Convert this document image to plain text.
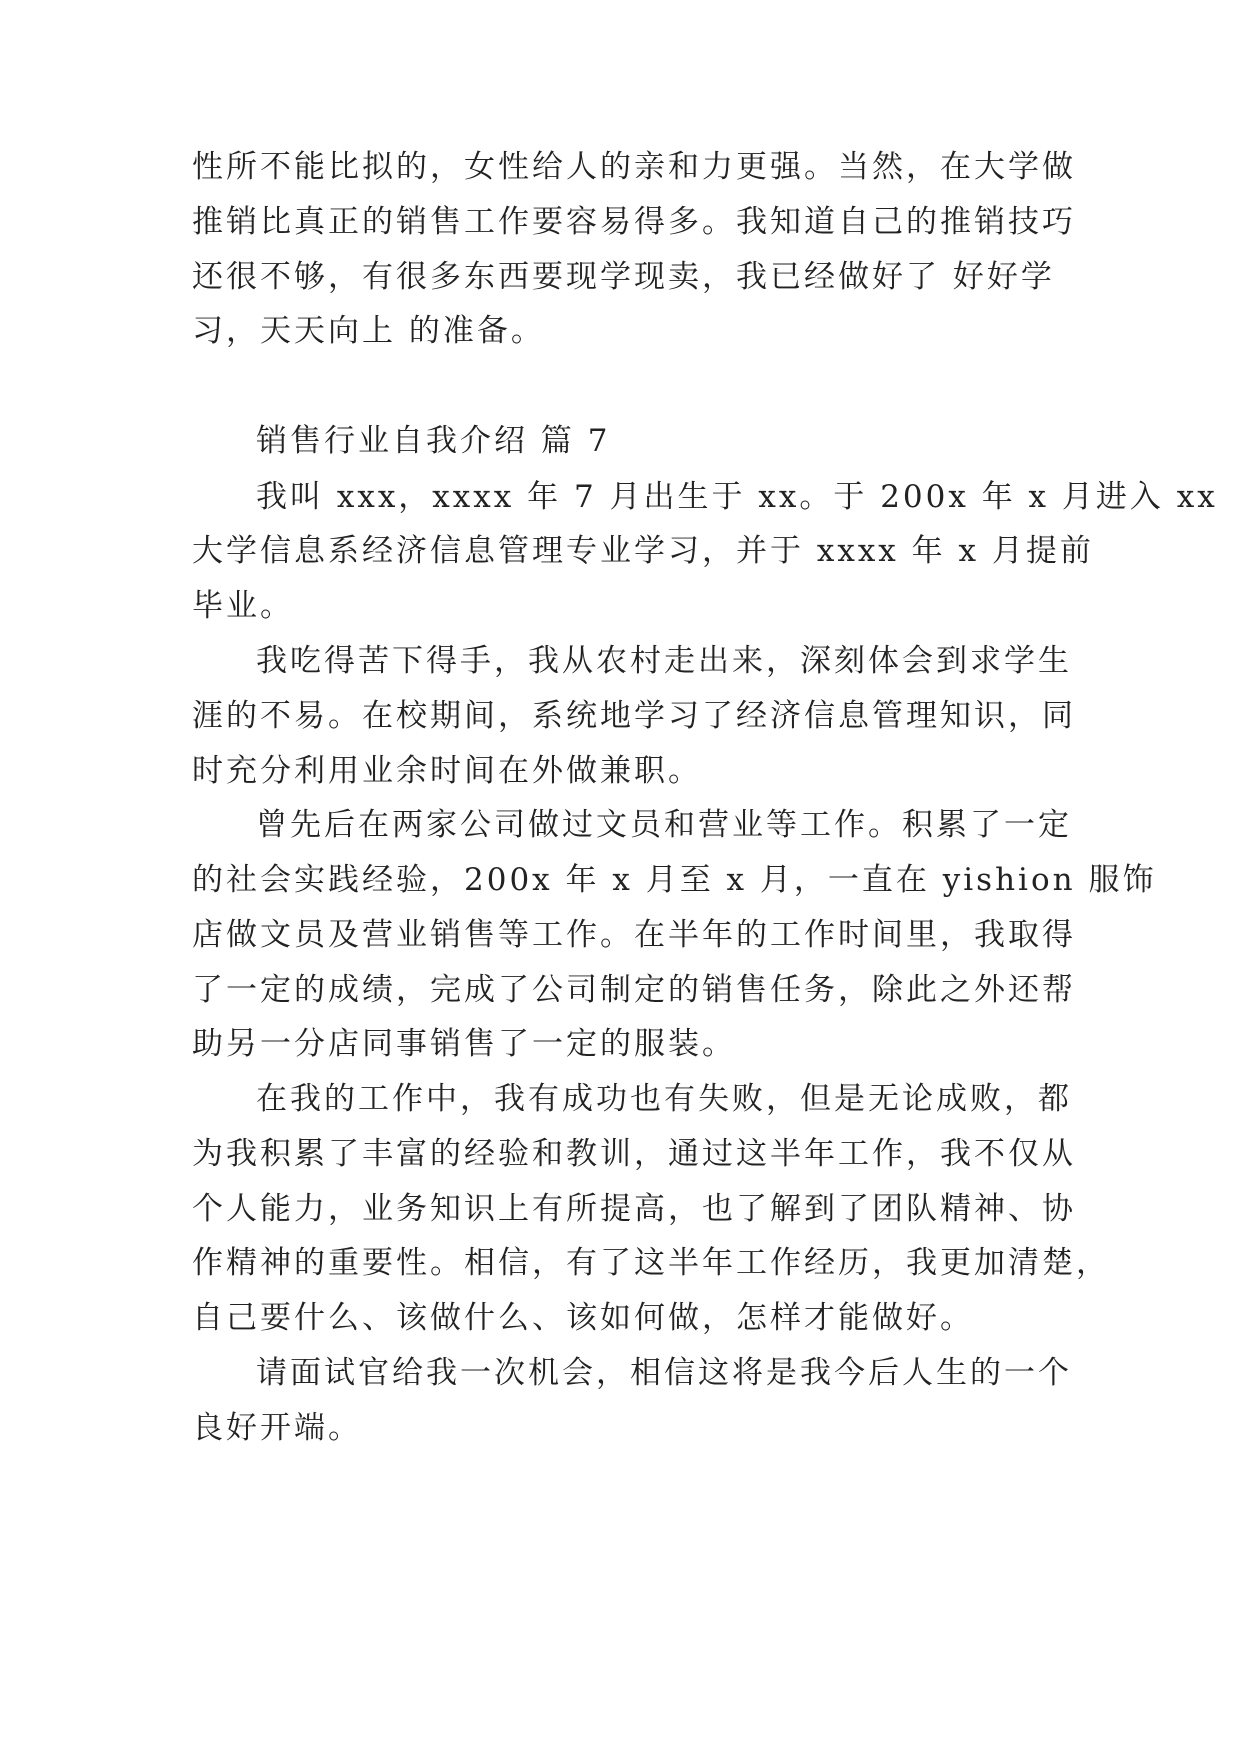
性所不能比拟的，女性给人的亲和力更强。当然，在大学做
推销比真正的销售工作要容易得多。我知道自己的推销技巧
还很不够，有很多东西要现学现卖，我已经做好了 好好学
习，天天向上 的准备。
销售行业自我介绍 篇 7
我叫 xxx，xxxx 年 7 月出生于 xx。于 200x 年 x 月进入 xx
大学信息系经济信息管理专业学习，并于 xxxx 年 x 月提前
毕业。
我吃得苦下得手，我从农村走出来，深刻体会到求学生
涯的不易。在校期间，系统地学习了经济信息管理知识，同
时充分利用业余时间在外做兼职。
曾先后在两家公司做过文员和营业等工作。积累了一定
的社会实践经验，200x 年 x 月至 x 月，一直在 yishion 服饰
店做文员及营业销售等工作。在半年的工作时间里，我取得
了一定的成绩，完成了公司制定的销售任务，除此之外还帮
助另一分店同事销售了一定的服装。
在我的工作中，我有成功也有失败，但是无论成败，都
为我积累了丰富的经验和教训，通过这半年工作，我不仅从
个人能力，业务知识上有所提高，也了解到了团队精神、协
作精神的重要性。相信，有了这半年工作经历，我更加清楚，
自己要什么、该做什么、该如何做，怎样才能做好。
请面试官给我一次机会，相信这将是我今后人生的一个
良好开端。
